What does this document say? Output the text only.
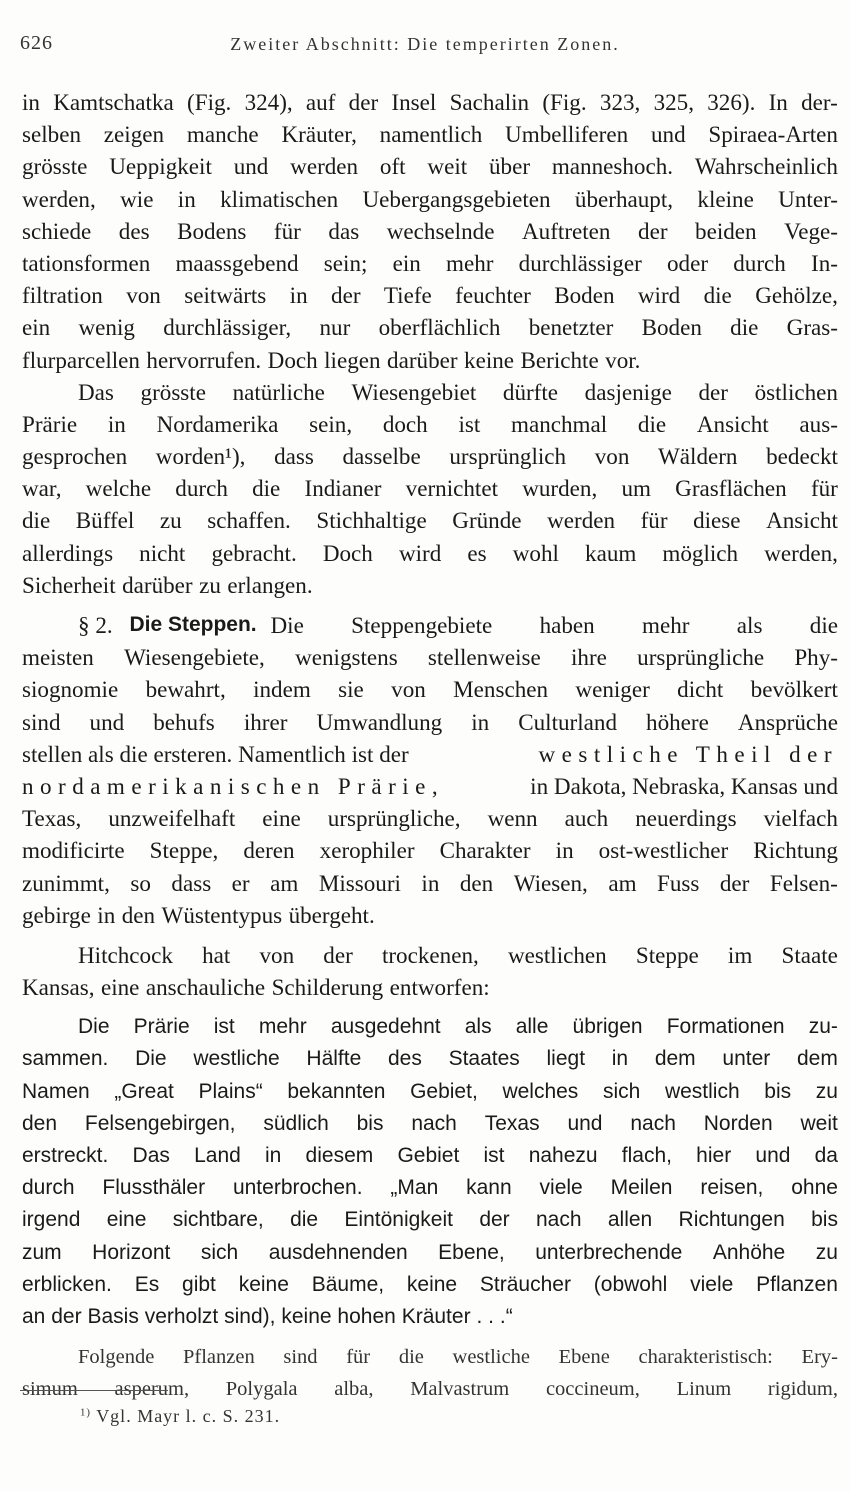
626	Zweiter Abschnitt: Die temperirten Zonen.
in Kamtschatka (Fig. 324), auf der Insel Sachalin (Fig. 323, 325, 326). In der-
selben zeigen manche Kräuter, namentlich Umbelliferen und Spiraea-Arten
grösste Ueppigkeit und werden oft weit über manneshoch. Wahrscheinlich
werden, wie in klimatischen Uebergangsgebieten überhaupt, kleine Unter-
schiede des Bodens für das wechselnde Auftreten der beiden Vege-
tationsformen maassgebend sein; ein mehr durchlässiger oder durch In-
filtration von seitwärts in der Tiefe feuchter Boden wird die Gehölze,
ein wenig durchlässiger, nur oberflächlich benetzter Boden die Gras-
flurparcellen hervorrufen. Doch liegen darüber keine Berichte vor.
Das grösste natürliche Wiesengebiet dürfte dasjenige der östlichen
Prärie in Nordamerika sein, doch ist manchmal die Ansicht aus-
gesprochen worden¹), dass dasselbe ursprünglich von Wäldern bedeckt
war, welche durch die Indianer vernichtet wurden, um Grasflächen für
die Büffel zu schaffen. Stichhaltige Gründe werden für diese Ansicht
allerdings nicht gebracht. Doch wird es wohl kaum möglich werden,
Sicherheit darüber zu erlangen.
§ 2. Die Steppen. Die Steppengebiete haben mehr als die
meisten Wiesengebiete, wenigstens stellenweise ihre ursprüngliche Phy-
siognomie bewahrt, indem sie von Menschen weniger dicht bevölkert
sind und behufs ihrer Umwandlung in Culturland höhere Ansprüche
stellen als die ersteren. Namentlich ist der	westliche Theil der
nordamerikanischen Prärie,	in Dakota, Nebraska, Kansas und
Texas, unzweifelhaft eine ursprüngliche, wenn auch neuerdings vielfach
modificirte Steppe, deren xerophiler Charakter in ost-westlicher Richtung
zunimmt, so dass er am Missouri in den Wiesen, am Fuss der Felsen-
gebirge in den Wüstentypus übergeht.
Hitchcock hat von der trockenen, westlichen Steppe im Staate
Kansas, eine anschauliche Schilderung entworfen:
Die Prärie ist mehr ausgedehnt als alle übrigen Formationen zu-
sammen. Die westliche Hälfte des Staates liegt in dem unter dem
Namen „Great Plains“ bekannten Gebiet, welches sich westlich bis zu
den Felsengebirgen, südlich bis nach Texas und nach Norden weit
erstreckt. Das Land in diesem Gebiet ist nahezu flach, hier und da
durch Flussthäler unterbrochen. „Man kann viele Meilen reisen, ohne
irgend eine sichtbare, die Eintönigkeit der nach allen Richtungen bis
zum Horizont sich ausdehnenden Ebene, unterbrechende Anhöhe zu
erblicken. Es gibt keine Bäume, keine Sträucher (obwohl viele Pflanzen
an der Basis verholzt sind), keine hohen Kräuter . . .“
Folgende Pflanzen sind für die westliche Ebene charakteristisch: Ery-
simum asperum, Polygala alba, Malvastrum coccineum, Linum rigidum,
$^{1)}$ Vgl. Mayr l. c. S. 231.
